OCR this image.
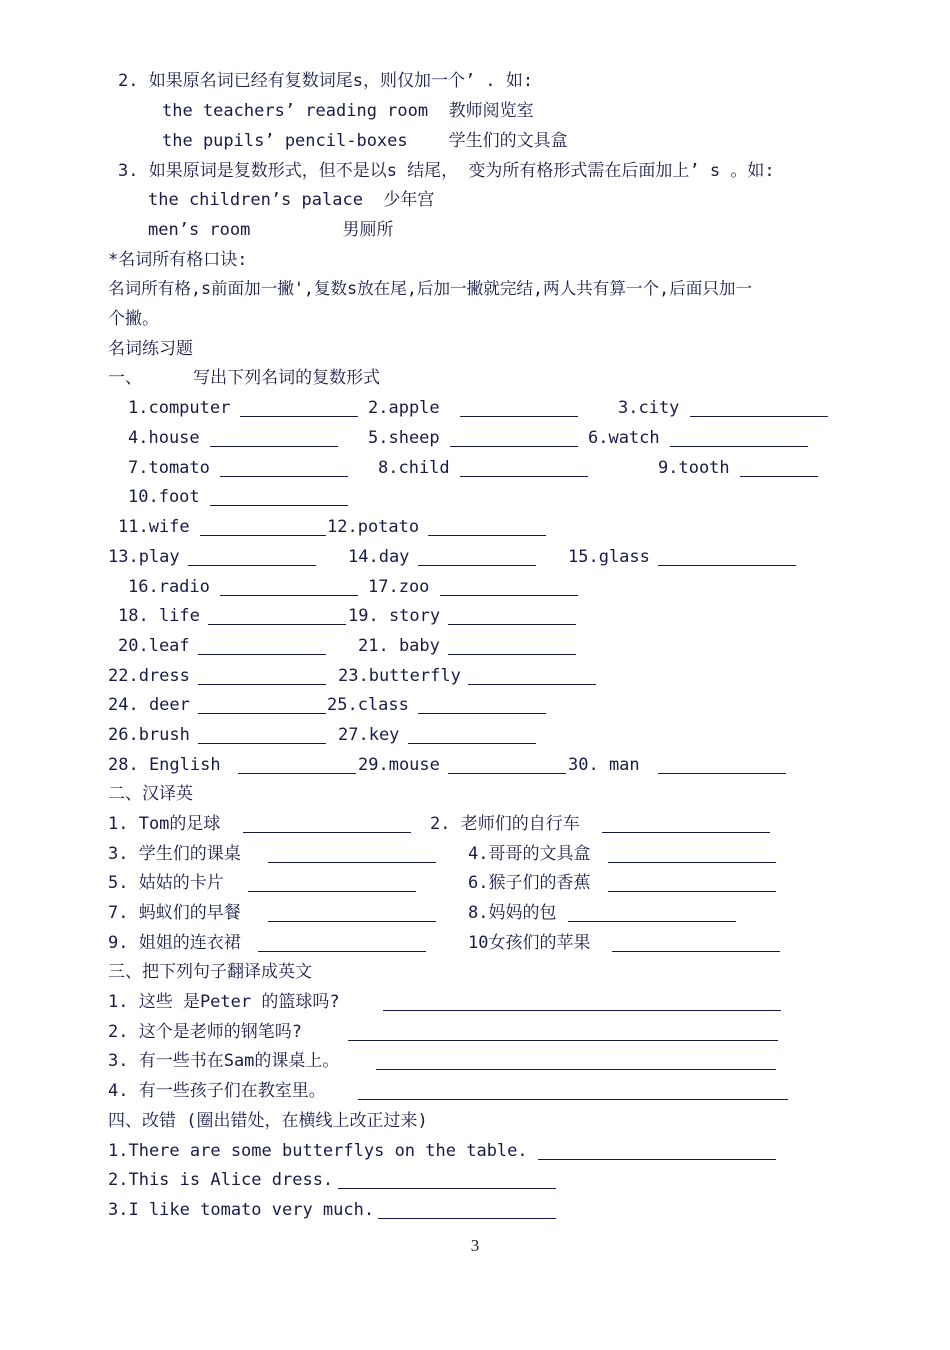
2. 如果原名词已经有复数词尾s，则仅加一个’ . 如:
the teachers’ reading room  教师阅览室
the pupils’ pencil-boxes    学生们的文具盒
3. 如果原词是复数形式，但不是以s 结尾， 变为所有格形式需在后面加上’ s 。如:
the children’s palace  少年宫
men’s room         男厕所
*名词所有格口诀:
名词所有格,s前面加一撇',复数s放在尾,后加一撇就完结,两人共有算一个,后面只加一
个撇。
名词练习题
一、     写出下列名词的复数形式
1.computer	2.apple	3.city
4.house	5.sheep	6.watch
7.tomato	8.child	9.tooth
10.foot
11.wife	12.potato
13.play	14.day	15.glass
16.radio	17.zoo
18. life	19. story
20.leaf	21. baby
22.dress	23.butterfly
24. deer	25.class
26.brush	27.key
28. English	29.mouse	30. man
二、汉译英
1. Tom的足球	2. 老师们的自行车
3. 学生们的课桌	4.哥哥的文具盒
5. 姑姑的卡片	6.猴子们的香蕉
7. 蚂蚁们的早餐	8.妈妈的包
9. 姐姐的连衣裙	10女孩们的苹果
三、把下列句子翻译成英文
1. 这些 是Peter 的篮球吗?
2. 这个是老师的钢笔吗?
3. 有一些书在Sam的课桌上。
4. 有一些孩子们在教室里。
四、改错 (圈出错处，在横线上改正过来)
1.There are some butterflys on the table.
2.This is Alice dress.
3.I like tomato very much.
3
